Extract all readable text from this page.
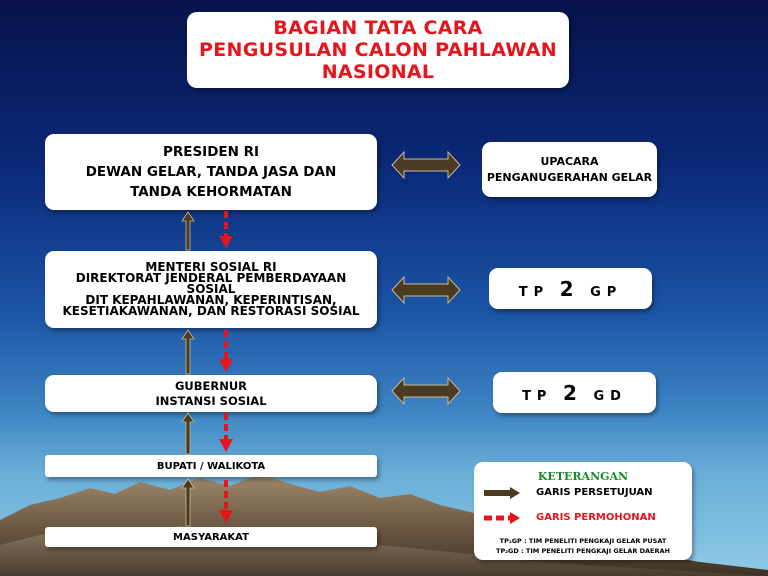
BAGIAN TATA CARA
PENGUSULAN CALON PAHLAWAN
NASIONAL
PRESIDEN RI
DEWAN GELAR, TANDA JASA DAN
TANDA KEHORMATAN
MENTERI SOSIAL RI
DIREKTORAT JENDERAL PEMBERDAYAAN
SOSIAL
DIT KEPAHLAWANAN, KEPERINTISAN,
KESETIAKAWANAN, DAN RESTORASI SOSIAL
GUBERNUR
INSTANSI SOSIAL
BUPATI / WALIKOTA
MASYARAKAT
UPACARA
PENGANUGERAHAN GELAR
TP 2 GP
TP 2 GD
KETERANGAN
GARIS PERSETUJUAN
GARIS PERMOHONAN
TP₂GP : TIM PENELITI PENGKAJI GELAR PUSAT
TP₂GD : TIM PENELITI PENGKAJI GELAR DAERAH
